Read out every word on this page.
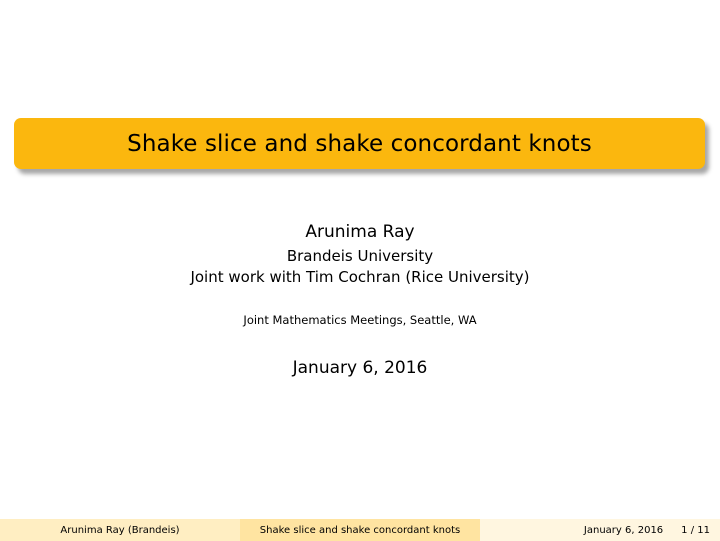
Shake slice and shake concordant knots
Arunima Ray
Brandeis University
Joint work with Tim Cochran (Rice University)
Joint Mathematics Meetings, Seattle, WA
January 6, 2016
Arunima Ray (Brandeis)	Shake slice and shake concordant knots	January 6, 2016 1 / 11
